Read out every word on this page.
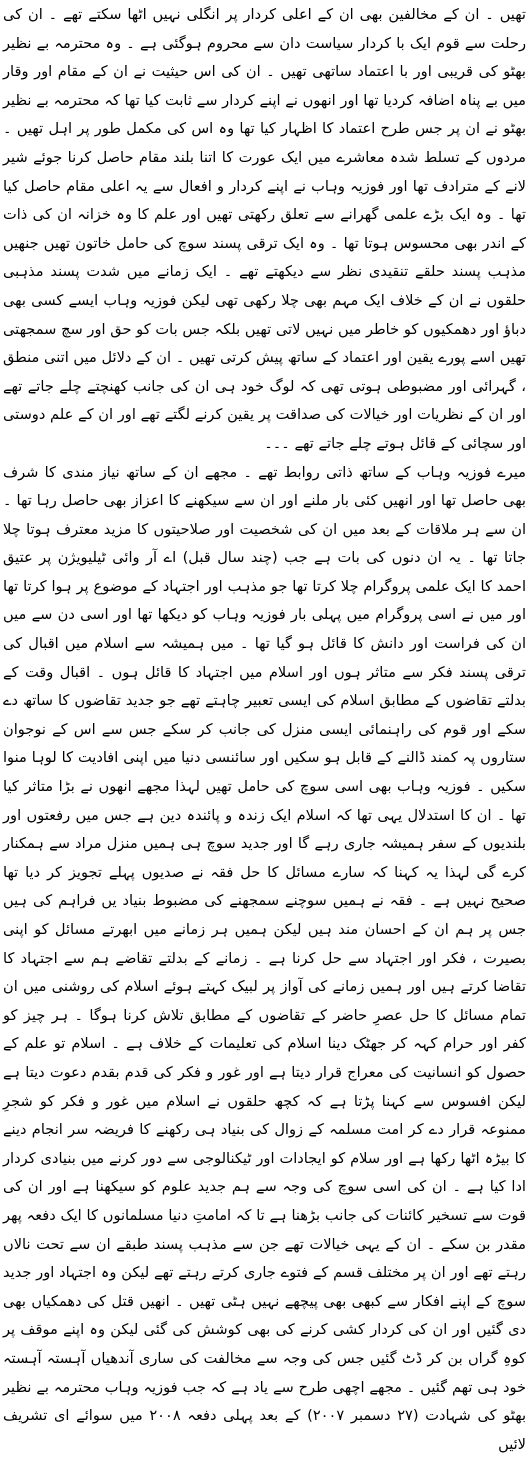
تھیں ۔ ان کے مخالفین بھی ان کے اعلی کردار پر انگلی نہیں اٹھا سکتے تھے ۔ ان کی رحلت سے قوم ایک با کردار سیاست دان سے محروم ہوگئی ہے ۔ وہ محترمہ بے نظیر بھٹو کی قریبی اور با اعتماد ساتھی تھیں ۔ ان کی اس حیثیت نے ان کے مقام اور وقار میں بے پناہ اضافہ کردیا تھا اور انھوں نے اپنے کردار سے ثابت کیا تھا کہ محترمہ بے نظیر بھٹو نے ان پر جس طرح اعتماد کا اظہار کیا تھا وہ اس کی مکمل طور پر اہل تھیں ۔ مردوں کے تسلط شدہ معاشرے میں ایک عورت کا اتنا بلند مقام حاصل کرنا جوئے شیر لانے کے مترادف تھا اور فوزیہ وہاب نے اپنے کردار و افعال سے یہ اعلی مقام حاصل کیا تھا ۔ وہ ایک بڑے علمی گھرانے سے تعلق رکھتی تھیں اور علم کا وہ خزانہ ان کی ذات کے اندر بھی محسوس ہوتا تھا ۔ وہ ایک ترقی پسند سوچ کی حامل خاتون تھیں جنھیں مذہب پسند حلقے تنقیدی نظر سے دیکھتے تھے ۔ ایک زمانے میں شدت پسند مذہبی حلقوں نے ان کے خلاف ایک مہم بھی چلا رکھی تھی لیکن فوزیہ وہاب ایسے کسی بھی دباؤ اور دھمکیوں کو خاطر میں نہیں لاتی تھیں بلکہ جس بات کو حق اور سچ سمجھتی تھیں اسے پورے یقین اور اعتماد کے ساتھ پیش کرتی تھیں ۔ ان کے دلائل میں اتنی منطق ، گہرائی اور مضبوطی ہوتی تھی کہ لوگ خود ہی ان کی جانب کھنچتے چلے جاتے تھے اور ان کے نظریات اور خیالات کی صداقت پر یقین کرنے لگتے تھے اور ان کے علم دوستی اور سچائی کے قائل ہوتے چلے جاتے تھے ۔۔۔

میرے فوزیہ وہاب کے ساتھ ذاتی روابط تھے ۔ مجھے ان کے ساتھ نیاز مندی کا شرف بھی حاصل تھا اور انھیں کئی بار ملنے اور ان سے سیکھنے کا اعزاز بھی حاصل رہا تھا ۔ ان سے ہر ملاقات کے بعد میں ان کی شخصیت اور صلاحیتوں کا مزید معترف ہوتا چلا جاتا تھا ۔ یہ ان دنوں کی بات ہے جب (چند سال قبل) اے آر وائی ٹیلیویژن پر عتیق احمد کا ایک علمی پروگرام چلا کرتا تھا جو مذہب اور اجتہاد کے موضوع پر ہوا کرتا تھا اور میں نے اسی پروگرام میں پہلی بار فوزیہ وہاب کو دیکھا تھا اور اسی دن سے میں ان کی فراست اور دانش کا قائل ہو گیا تھا ۔ میں ہمیشہ سے اسلام میں اقبال کی ترقی پسند فکر سے متاثر ہوں اور اسلام میں اجتہاد کا قائل ہوں ۔ اقبال وقت کے بدلتے تقاضوں کے مطابق اسلام کی ایسی تعبیر چاہتے تھے جو جدید تقاضوں کا ساتھ دے سکے اور قوم کی راہنمائی ایسی منزل کی جانب کر سکے جس سے اس کے نوجوان ستاروں پہ کمند ڈالنے کے قابل ہو سکیں اور سائنسی دنیا میں اپنی افادیت کا لوہا منوا سکیں ۔ فوزیہ وہاب بھی اسی سوچ کی حامل تھیں لہذا مجھے انھوں نے بڑا متاثر کیا تھا ۔ ان کا استدلال یہی تھا کہ اسلام ایک زندہ و پائندہ دین ہے جس میں رفعتوں اور بلندیوں کے سفر ہمیشہ جاری رہے گا اور جدید سوچ ہی ہمیں منزل مراد سے ہمکنار کرے گی لہذا یہ کہنا کہ سارے مسائل کا حل فقہ نے صدیوں پہلے تجویز کر دیا تھا صحیح نہیں ہے ۔ فقہ نے ہمیں سوچنے سمجھنے کی مضبوط بنیاد یں فراہم کی ہیں جس پر ہم ان کے احسان مند ہیں لیکن ہمیں ہر زمانے میں ابھرتے مسائل کو اپنی بصیرت ، فکر اور اجتہاد سے حل کرنا ہے ۔ زمانے کے بدلتے تقاضے ہم سے اجتہاد کا تقاضا کرتے ہیں اور ہمیں زمانے کی آواز پر لبیک کہتے ہوئے اسلام کی روشنی میں ان تمام مسائل کا حل عصرِ حاضر کے تقاضوں کے مطابق تلاش کرنا ہوگا ۔ ہر چیز کو کفر اور حرام کہہ کر جھٹک دینا اسلام کی تعلیمات کے خلاف ہے ۔ اسلام تو علم کے حصول کو انسانیت کی معراج قرار دیتا ہے اور غور و فکر کی قدم بقدم دعوت دیتا ہے لیکن افسوس سے کہنا پڑتا ہے کہ کچھ حلقوں نے اسلام میں غور و فکر کو شجرِ ممنوعہ قرار دے کر امت مسلمہ کے زوال کی بنیاد ہی رکھنے کا فریضہ سر انجام دینے کا بیڑہ اٹھا رکھا ہے اور سلام کو ایجادات اور ٹیکنالوجی سے دور کرنے میں بنیادی کردار ادا کیا ہے ۔ ان کی اسی سوچ کی وجہ سے ہم جدید علوم کو سیکھنا ہے اور ان کی قوت سے تسخیر کائنات کی جانب بڑھنا ہے تا کہ امامتِ دنیا مسلمانوں کا ایک دفعہ پھر مقدر بن سکے ۔ ان کے یہی خیالات تھے جن سے مذہب پسند طبقے ان سے تحت نالاں رہتے تھے اور ان پر مختلف قسم کے فتوے جاری کرتے رہتے تھے لیکن وہ اجتہاد اور جدید سوچ کے اپنے افکار سے کبھی بھی پیچھے نہیں ہٹی تھیں ۔ انھیں قتل کی دھمکیاں بھی دی گئیں اور ان کی کردار کشی کرنے کی بھی کوشش کی گئی لیکن وہ اپنے موقف پر کوہِ گراں بن کر ڈٹ گئیں جس کی وجہ سے مخالفت کی ساری آندھیاں آہستہ آہستہ خود ہی تھم گئیں ۔ مجھے اچھی طرح سے یاد ہے کہ جب فوزیہ وہاب محترمہ بے نظیر بھٹو کی شہادت (۲۷ دسمبر ۲۰۰۷) کے بعد پہلی دفعہ ۲۰۰۸ میں سوائے ای تشریف لائیں
